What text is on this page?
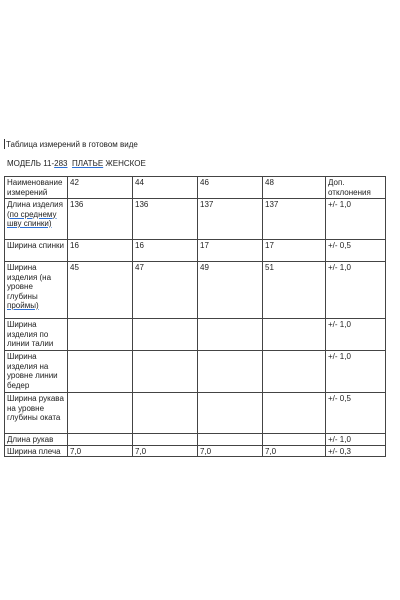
Таблица измерений в готовом виде
МОДЕЛЬ 11-283 ПЛАТЬЕ ЖЕНСКОЕ
Наименование измерений	42	44	46	48	Доп. отклонения
Длина изделия (по среднему шву спинки)	136	136	137	137	+/- 1,0
Ширина спинки	16	16	17	17	+/- 0,5
Ширина изделия (на уровне глубины проймы)	45	47	49	51	+/- 1,0
Ширина изделия по линии талии					+/- 1,0
Ширина изделия на уровне линии бедер					+/- 1,0
Ширина рукава на уровне глубины оката					+/- 0,5
Длина рукав					+/- 1,0
Ширина плеча	7,0	7,0	7,0	7,0	+/- 0,3
